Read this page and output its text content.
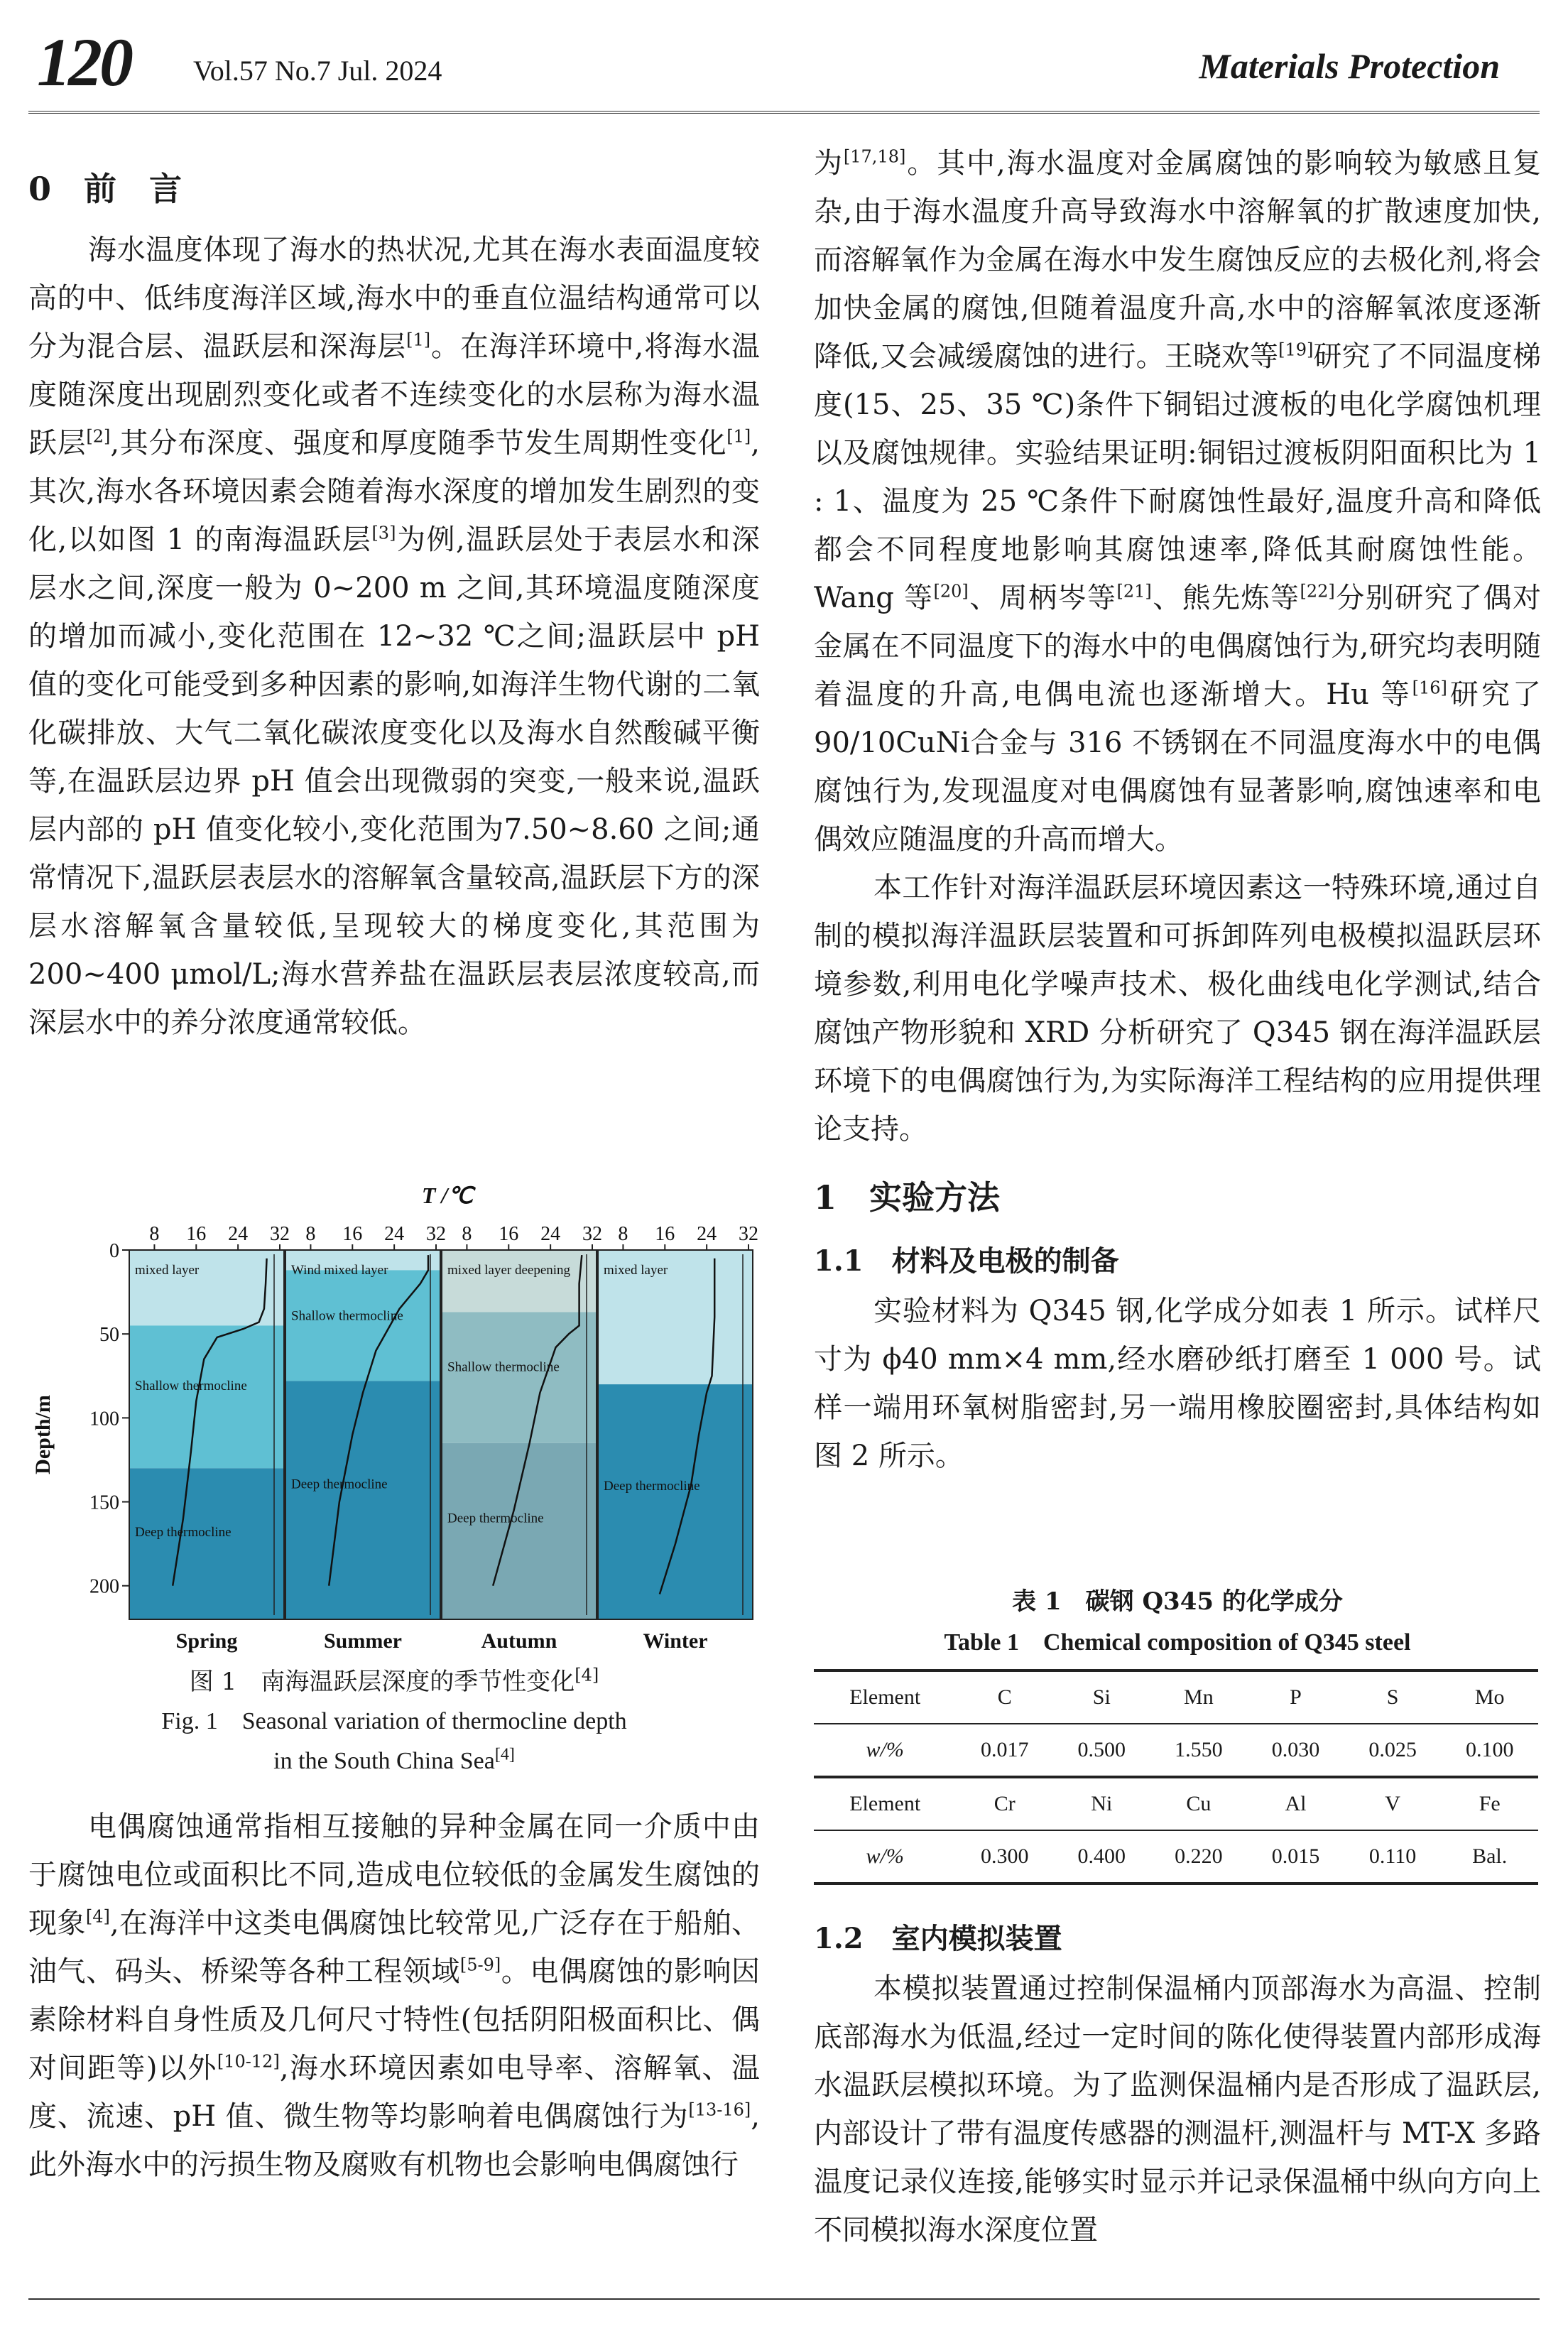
120 Vol.57 No.7 Jul. 2024	Materials Protection
0　前　言

海水温度体现了海水的热状况,尤其在海水表面温度较高的中、低纬度海洋区域,海水中的垂直位温结构通常可以分为混合层、温跃层和深海层[1]。在海洋环境中,将海水温度随深度出现剧烈变化或者不连续变化的水层称为海水温跃层[2],其分布深度、强度和厚度随季节发生周期性变化[1],其次,海水各环境因素会随着海水深度的增加发生剧烈的变化,以如图 1 的南海温跃层[3]为例,温跃层处于表层水和深层水之间,深度一般为 0~200 m 之间,其环境温度随深度的增加而减小,变化范围在 12~32 ℃之间;温跃层中 pH 值的变化可能受到多种因素的影响,如海洋生物代谢的二氧化碳排放、大气二氧化碳浓度变化以及海水自然酸碱平衡等,在温跃层边界 pH 值会出现微弱的突变,一般来说,温跃层内部的 pH 值变化较小,变化范围为7.50~8.60 之间;通常情况下,温跃层表层水的溶解氧含量较高,温跃层下方的深层水溶解氧含量较低,呈现较大的梯度变化,其范围为 200~400 μmol/L;海水营养盐在温跃层表层浓度较高,而深层水中的养分浓度通常较低。

T /℃
Depth/m
mixed layer
Shallow thermocline
Deep thermocline
8 16 24 32
Spring
Wind mixed layer
Shallow thermocline
Deep thermocline
8 16 24 32
Summer
mixed layer deepening
Shallow thermocline
Deep thermocline
8 16 24 32
Autumn
mixed layer
Deep thermocline
8 16 24 32
Winter
0
50
100
150
200
图 1　南海温跃层深度的季节性变化[4]
Fig. 1　Seasonal variation of thermocline depth
in the South China Sea[4]

电偶腐蚀通常指相互接触的异种金属在同一介质中由于腐蚀电位或面积比不同,造成电位较低的金属发生腐蚀的现象[4],在海洋中这类电偶腐蚀比较常见,广泛存在于船舶、油气、码头、桥梁等各种工程领域[5-9]。电偶腐蚀的影响因素除材料自身性质及几何尺寸特性(包括阴阳极面积比、偶对间距等)以外[10-12],海水环境因素如电导率、溶解氧、温度、流速、pH 值、微生物等均影响着电偶腐蚀行为[13-16],此外海水中的污损生物及腐败有机物也会影响电偶腐蚀行

为[17,18]。其中,海水温度对金属腐蚀的影响较为敏感且复杂,由于海水温度升高导致海水中溶解氧的扩散速度加快,而溶解氧作为金属在海水中发生腐蚀反应的去极化剂,将会加快金属的腐蚀,但随着温度升高,水中的溶解氧浓度逐渐降低,又会减缓腐蚀的进行。王晓欢等[19]研究了不同温度梯度(15、25、35 ℃)条件下铜铝过渡板的电化学腐蚀机理以及腐蚀规律。实验结果证明:铜铝过渡板阴阳面积比为 1 : 1、温度为 25 ℃条件下耐腐蚀性最好,温度升高和降低都会不同程度地影响其腐蚀速率,降低其耐腐蚀性能。Wang 等[20]、周柄岑等[21]、熊先炼等[22]分别研究了偶对金属在不同温度下的海水中的电偶腐蚀行为,研究均表明随着温度的升高,电偶电流也逐渐增大。Hu 等[16]研究了90/10CuNi合金与 316 不锈钢在不同温度海水中的电偶腐蚀行为,发现温度对电偶腐蚀有显著影响,腐蚀速率和电偶效应随温度的升高而增大。

本工作针对海洋温跃层环境因素这一特殊环境,通过自制的模拟海洋温跃层装置和可拆卸阵列电极模拟温跃层环境参数,利用电化学噪声技术、极化曲线电化学测试,结合腐蚀产物形貌和 XRD 分析研究了 Q345 钢在海洋温跃层环境下的电偶腐蚀行为,为实际海洋工程结构的应用提供理论支持。

1　实验方法
1.1　材料及电极的制备

实验材料为 Q345 钢,化学成分如表 1 所示。试样尺寸为 ϕ40 mm×4 mm,经水磨砂纸打磨至 1 000 号。试样一端用环氧树脂密封,另一端用橡胶圈密封,具体结构如图 2 所示。

表 1　碳钢 Q345 的化学成分
Table 1　Chemical composition of Q345 steel
Element	C	Si	Mn	P	S	Mo
w/%	0.017	0.500	1.550	0.030	0.025	0.100
Element	Cr	Ni	Cu	Al	V	Fe
w/%	0.300	0.400	0.220	0.015	0.110	Bal.
1.2　室内模拟装置

本模拟装置通过控制保温桶内顶部海水为高温、控制底部海水为低温,经过一定时间的陈化使得装置内部形成海水温跃层模拟环境。为了监测保温桶内是否形成了温跃层,内部设计了带有温度传感器的测温杆,测温杆与 MT-X 多路温度记录仪连接,能够实时显示并记录保温桶中纵向方向上不同模拟海水深度位置
